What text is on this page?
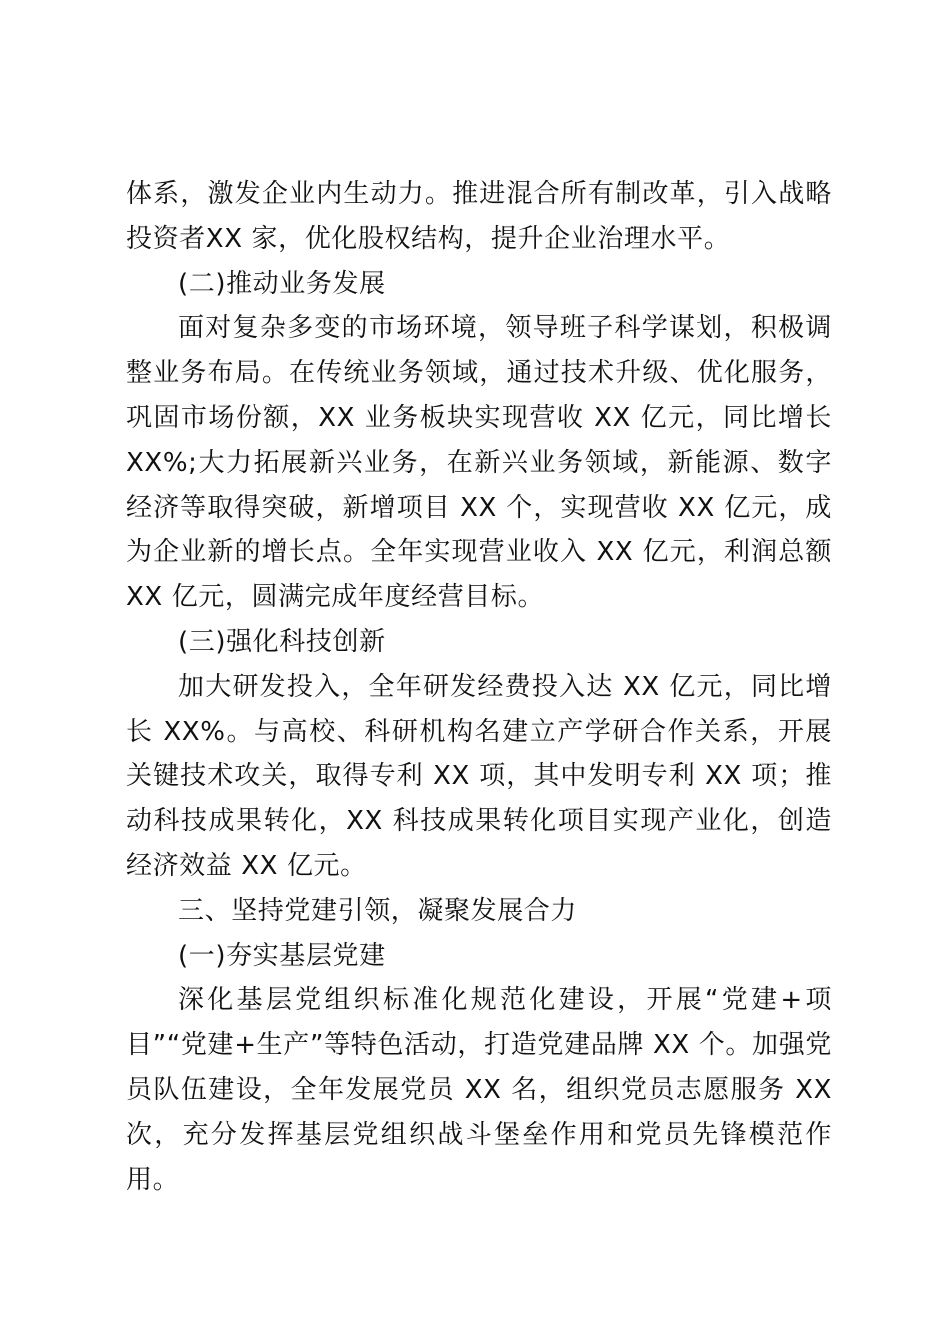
体系，激发企业内生动力。推进混合所有制改革，引入战略投资者XX 家，优化股权结构，提升企业治理水平。

(二)推动业务发展

面对复杂多变的市场环境，领导班子科学谋划，积极调整业务布局。在传统业务领域，通过技术升级、优化服务，巩固市场份额，XX 业务板块实现营收 XX 亿元，同比增长 XX%;大力拓展新兴业务，在新兴业务领域，新能源、数字经济等取得突破，新增项目 XX 个，实现营收 XX 亿元，成为企业新的增长点。全年实现营业收入 XX 亿元，利润总额 XX 亿元，圆满完成年度经营目标。

(三)强化科技创新

加大研发投入，全年研发经费投入达 XX 亿元，同比增长 XX%。与高校、科研机构名建立产学研合作关系，开展关键技术攻关，取得专利 XX 项，其中发明专利 XX 项；推动科技成果转化，XX 科技成果转化项目实现产业化，创造经济效益 XX 亿元。

三、坚持党建引领，凝聚发展合力

(一)夯实基层党建

深化基层党组织标准化规范化建设，开展“党建+项目”“党建+生产”等特色活动，打造党建品牌 XX 个。加强党员队伍建设，全年发展党员 XX 名，组织党员志愿服务 XX 次，充分发挥基层党组织战斗堡垒作用和党员先锋模范作用。
